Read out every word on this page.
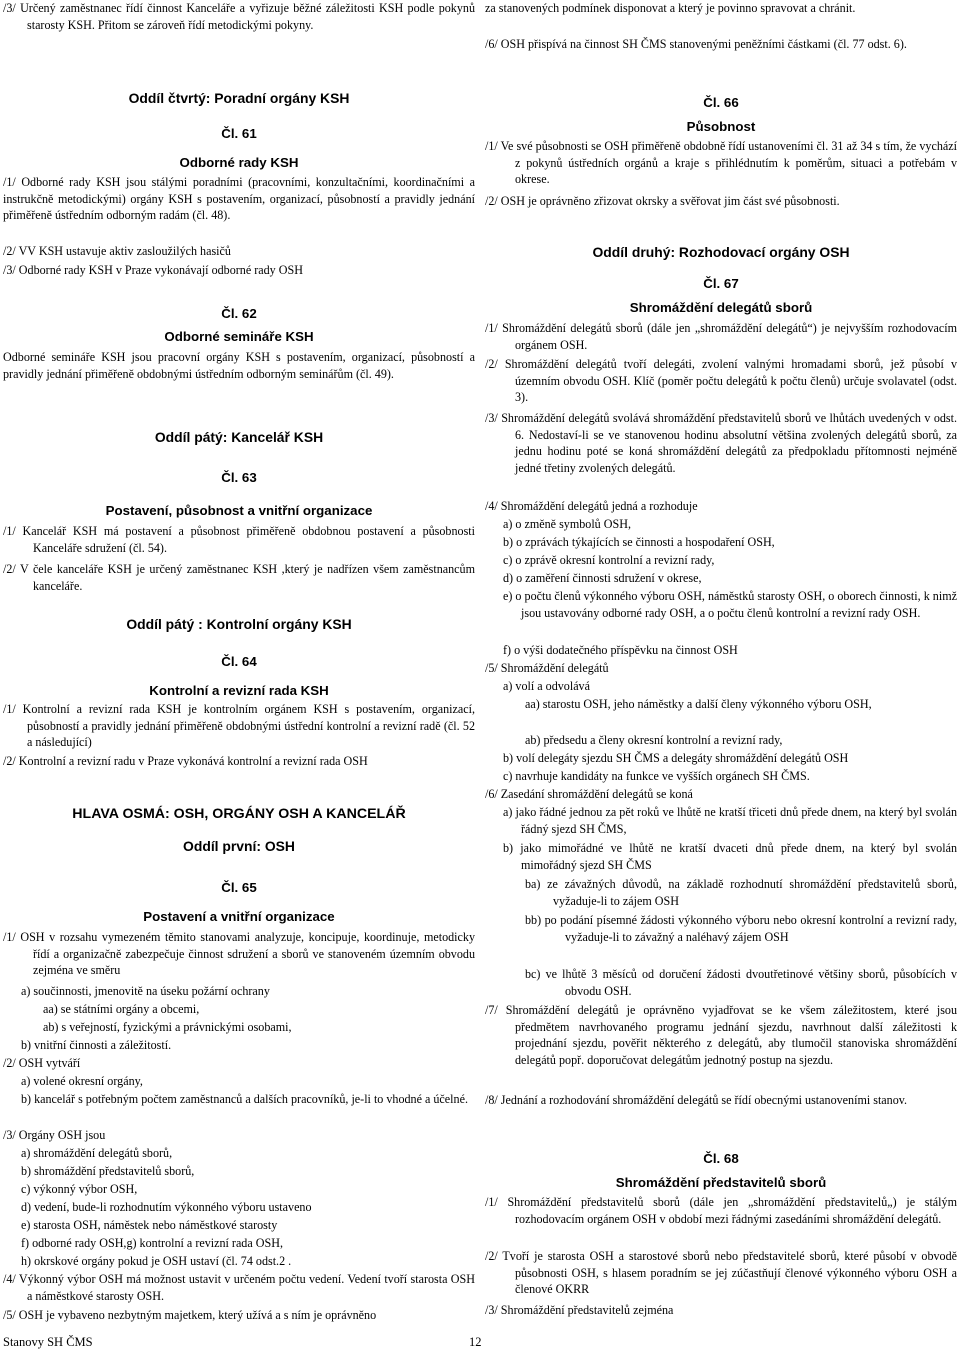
/3/ Určený zaměstnanec řídí činnost Kanceláře a vyřizuje běžné záležitosti KSH podle pokynů starosty KSH. Přitom se zároveň řídí metodickými pokyny.

Oddíl čtvrtý: Poradní orgány KSH

Čl. 61

Odborné rady KSH

/1/ Odborné rady KSH jsou stálými poradními (pracovními, konzultačními, koordinačními a instrukčně metodickými) orgány KSH s postavením, organizací, působností a pravidly jednání přiměřeně ústředním odborným radám (čl. 48).

/2/ VV KSH ustavuje aktiv zasloužilých hasičů

/3/ Odborné rady KSH v Praze vykonávají odborné rady OSH

Čl. 62

Odborné semináře KSH

Odborné semináře KSH jsou pracovní orgány KSH s postavením, organizací, působností a pravidly jednání přiměřeně obdobnými ústředním odborným seminářům (čl. 49).

Oddíl pátý: Kancelář KSH

Čl. 63

Postavení, působnost a vnitřní organizace

/1/ Kancelář KSH má postavení a působnost přiměřeně obdobnou postavení a působnosti Kanceláře sdružení (čl. 54).

/2/ V čele kanceláře KSH je určený zaměstnanec KSH ,který je nadřízen všem zaměstnancům kanceláře.

Oddíl pátý : Kontrolní orgány KSH

Čl. 64

Kontrolní a revizní rada KSH

/1/ Kontrolní a revizní rada KSH je kontrolním orgánem KSH s postavením, organizací, působností a pravidly jednání přiměřeně obdobnými ústřední kontrolní a revizní radě (čl. 52 a následující)

/2/ Kontrolní a revizní radu v Praze vykonává kontrolní a revizní rada OSH

HLAVA OSMÁ: OSH, ORGÁNY OSH A KANCELÁŘ

Oddíl první: OSH

Čl. 65

Postavení a vnitřní organizace

/1/ OSH v rozsahu vymezeném těmito stanovami analyzuje, koncipuje, koordinuje, metodicky řídí a organizačně zabezpečuje činnost sdružení a sborů ve stanoveném územním obvodu zejména ve směru

a) součinnosti, jmenovitě na úseku požární ochrany

aa) se státními orgány a obcemi,

ab) s veřejností, fyzickými a právnickými osobami,

b) vnitřní činnosti a záležitostí.

/2/ OSH vytváří

a) volené okresní orgány,

b) kancelář s potřebným počtem zaměstnanců a dalších pracovníků, je-li to vhodné a účelné.

/3/ Orgány OSH jsou

a) shromáždění delegátů sborů,

b) shromáždění představitelů sborů,

c) výkonný výbor OSH,

d) vedení, bude-li rozhodnutím výkonného výboru ustaveno

e) starosta OSH, náměstek nebo náměstkové starosty

f) odborné rady OSH,g) kontrolní a revizní rada OSH,

h) okrskové orgány pokud je OSH ustaví (čl. 74 odst.2 .

/4/ Výkonný výbor OSH má možnost ustavit v určeném počtu vedení. Vedení tvoří starosta OSH a náměstkové starosty OSH.

/5/ OSH je vybaveno nezbytným majetkem, který užívá a s ním je oprávněno

za stanovených podmínek disponovat a který je povinno spravovat a chránit.

/6/ OSH přispívá na činnost SH ČMS stanovenými peněžními částkami (čl. 77 odst. 6).

Čl. 66

Působnost

/1/ Ve své působnosti se OSH přiměřeně obdobně řídí ustanoveními čl. 31 až 34 s tím, že vychází z pokynů ústředních orgánů a kraje s přihlédnutím k poměrům, situaci a potřebám v okrese.

/2/ OSH je oprávněno zřizovat okrsky a svěřovat jim část své působnosti.

Oddíl druhý: Rozhodovací orgány OSH

Čl. 67

Shromáždění delegátů sborů

/1/ Shromáždění delegátů sborů (dále jen „shromáždění delegátů“) je nejvyšším rozhodovacím orgánem OSH.

/2/ Shromáždění delegátů tvoří delegáti, zvolení valnými hromadami sborů, jež působí v územním obvodu OSH. Klíč (poměr počtu delegátů k počtu členů) určuje svolavatel (odst. 3).

/3/ Shromáždění delegátů svolává shromáždění představitelů sborů ve lhůtách uvedených v odst. 6. Nedostaví-li se ve stanovenou hodinu absolutní většina zvolených delegátů sborů, za jednu hodinu poté se koná shromáždění delegátů za předpokladu přítomnosti nejméně jedné třetiny zvolených delegátů.

/4/ Shromáždění delegátů jedná a rozhoduje

a) o změně symbolů OSH,

b) o zprávách týkajících se činnosti a hospodaření OSH,

c) o zprávě okresní kontrolní a revizní rady,

d) o zaměření činnosti sdružení v okrese,

e) o počtu členů výkonného výboru OSH, náměstků starosty OSH, o oborech činnosti, k nimž jsou ustavovány odborné rady OSH, a o počtu členů kontrolní a revizní rady OSH.

f) o výši dodatečného příspěvku na činnost OSH

/5/ Shromáždění delegátů

a) volí a odvolává

aa) starostu OSH, jeho náměstky a další členy výkonného výboru OSH,

ab) předsedu a členy okresní kontrolní a revizní rady,

b) volí delegáty sjezdu SH ČMS a delegáty shromáždění delegátů OSH

c) navrhuje kandidáty na funkce ve vyšších orgánech SH ČMS.

/6/ Zasedání shromáždění delegátů se koná

a) jako řádné jednou za pět roků ve lhůtě ne kratší třiceti dnů přede dnem, na který byl svolán řádný sjezd SH ČMS,

b) jako mimořádné ve lhůtě ne kratší dvaceti dnů přede dnem, na který byl svolán mimořádný sjezd SH ČMS

ba) ze závažných důvodů, na základě rozhodnutí shromáždění představitelů sborů, vyžaduje-li to zájem OSH

bb) po podání písemné žádosti výkonného výboru nebo okresní kontrolní a revizní rady, vyžaduje-li to závažný a naléhavý zájem OSH

bc) ve lhůtě 3 měsíců od doručení žádosti dvoutřetinové většiny sborů, působících v obvodu OSH.

/7/ Shromáždění delegátů je oprávněno vyjadřovat se ke všem záležitostem, které jsou předmětem navrhovaného programu jednání sjezdu, navrhnout další záležitosti k projednání sjezdu, pověřit některého z delegátů, aby tlumočil stanoviska shromáždění delegátů popř. doporučovat delegátům jednotný postup na sjezdu.

/8/ Jednání a rozhodování shromáždění delegátů se řídí obecnými ustanoveními stanov.

Čl. 68

Shromáždění představitelů sborů

/1/ Shromáždění představitelů sborů (dále jen „shromáždění představitelů„) je stálým rozhodovacím orgánem OSH v období mezi řádnými zasedáními shromáždění delegátů.

/2/ Tvoří je starosta OSH a starostové sborů nebo představitelé sborů, které působí v obvodě působnosti OSH, s hlasem poradním se jej zúčastňují členové výkonného výboru OSH a členové OKRR

/3/ Shromáždění představitelů zejména

Stanovy SH ČMS	12
